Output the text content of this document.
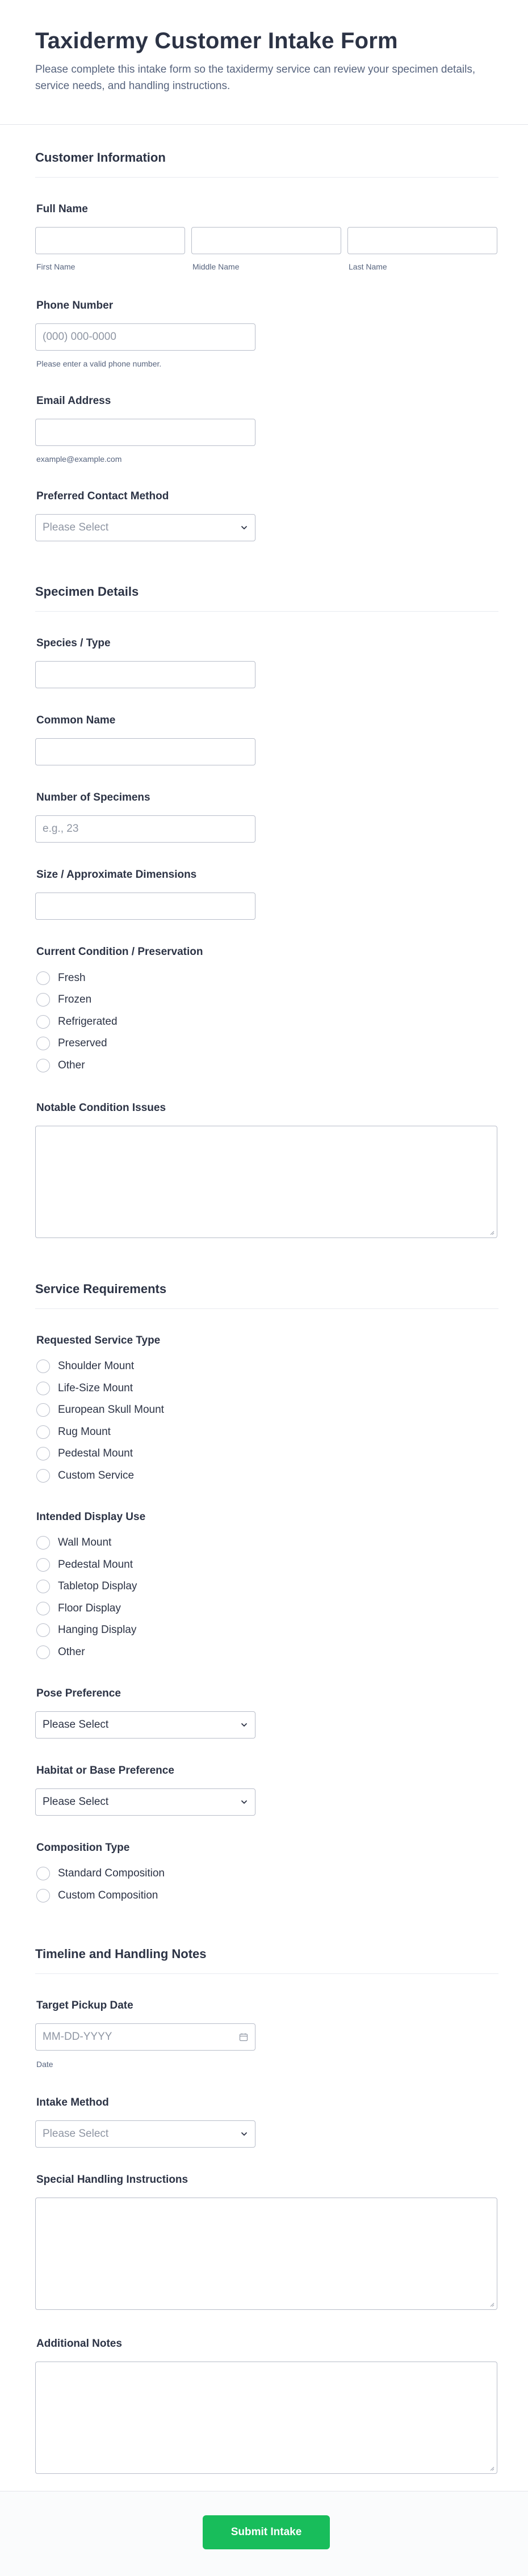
Taxidermy Customer Intake Form
Please complete this intake form so the taxidermy service can review your specimen details, service needs, and handling instructions.
Customer Information
Full Name
First Name	Middle Name	Last Name
Phone Number
(000) 000-0000
Please enter a valid phone number.
Email Address
example@example.com
Preferred Contact Method
Please Select
Specimen Details
Species / Type
Common Name
Number of Specimens
e.g., 23
Size / Approximate Dimensions
Current Condition / Preservation
Fresh
Frozen
Refrigerated
Preserved
Other
Notable Condition Issues
Service Requirements
Requested Service Type
Shoulder Mount
Life-Size Mount
European Skull Mount
Rug Mount
Pedestal Mount
Custom Service
Intended Display Use
Wall Mount
Pedestal Mount
Tabletop Display
Floor Display
Hanging Display
Other
Pose Preference
Please Select
Habitat or Base Preference
Please Select
Composition Type
Standard Composition
Custom Composition
Timeline and Handling Notes
Target Pickup Date
MM-DD-YYYY
Date
Intake Method
Please Select
Special Handling Instructions
Additional Notes
Submit Intake
